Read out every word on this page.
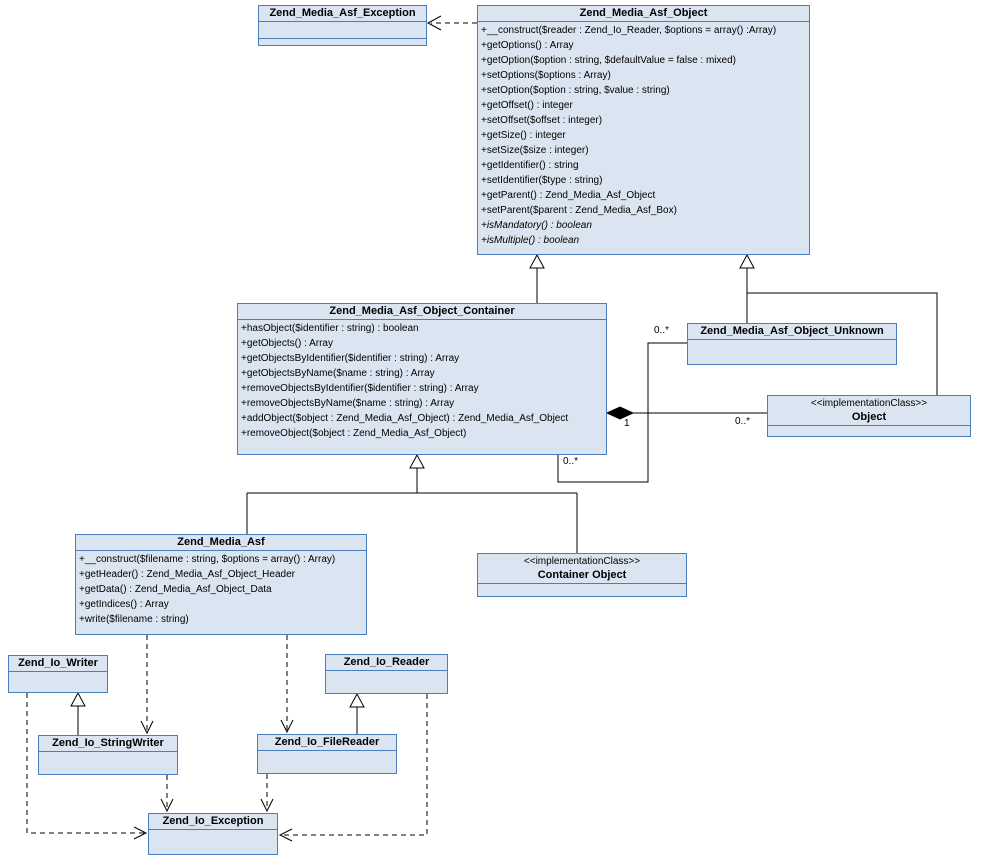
Zend_Media_Asf_Exception	Zend_Media_Asf_Object
+__construct($reader : Zend_Io_Reader, $options = array() :Array)
+getOptions() : Array
+getOption($option : string, $defaultValue = false : mixed)
+setOptions($options : Array)
+setOption($option : string, $value : string)
+getOffset() : integer
+setOffset($offset : integer)
+getSize() : integer
+setSize($size : integer)
+getIdentifier() : string
+setIdentifier($type : string)
+getParent() : Zend_Media_Asf_Object
+setParent($parent : Zend_Media_Asf_Box)
+isMandatory() : boolean
+isMultiple() : boolean
Zend_Media_Asf_Object_Container
+hasObject($identifier : string) : boolean
+getObjects() : Array
+getObjectsByIdentifier($identifier : string) : Array
+getObjectsByName($name : string) : Array
+removeObjectsByIdentifier($identifier : string) : Array
+removeObjectsByName($name : string) : Array
+addObject($object : Zend_Media_Asf_Object) : Zend_Media_Asf_Object
+removeObject($object : Zend_Media_Asf_Object)
Zend_Media_Asf_Object_Unknown
<<implementationClass>>
Object
Zend_Media_Asf
+__construct($filename : string, $options = array() : Array)
+getHeader() : Zend_Media_Asf_Object_Header
+getData() : Zend_Media_Asf_Object_Data
+getIndices() : Array
+write($filename : string)
<<implementationClass>>
Container Object
Zend_Io_Writer	Zend_Io_Reader
Zend_Io_StringWriter	Zend_Io_FileReader
Zend_Io_Exception
1	0..*
0..*
0..*
